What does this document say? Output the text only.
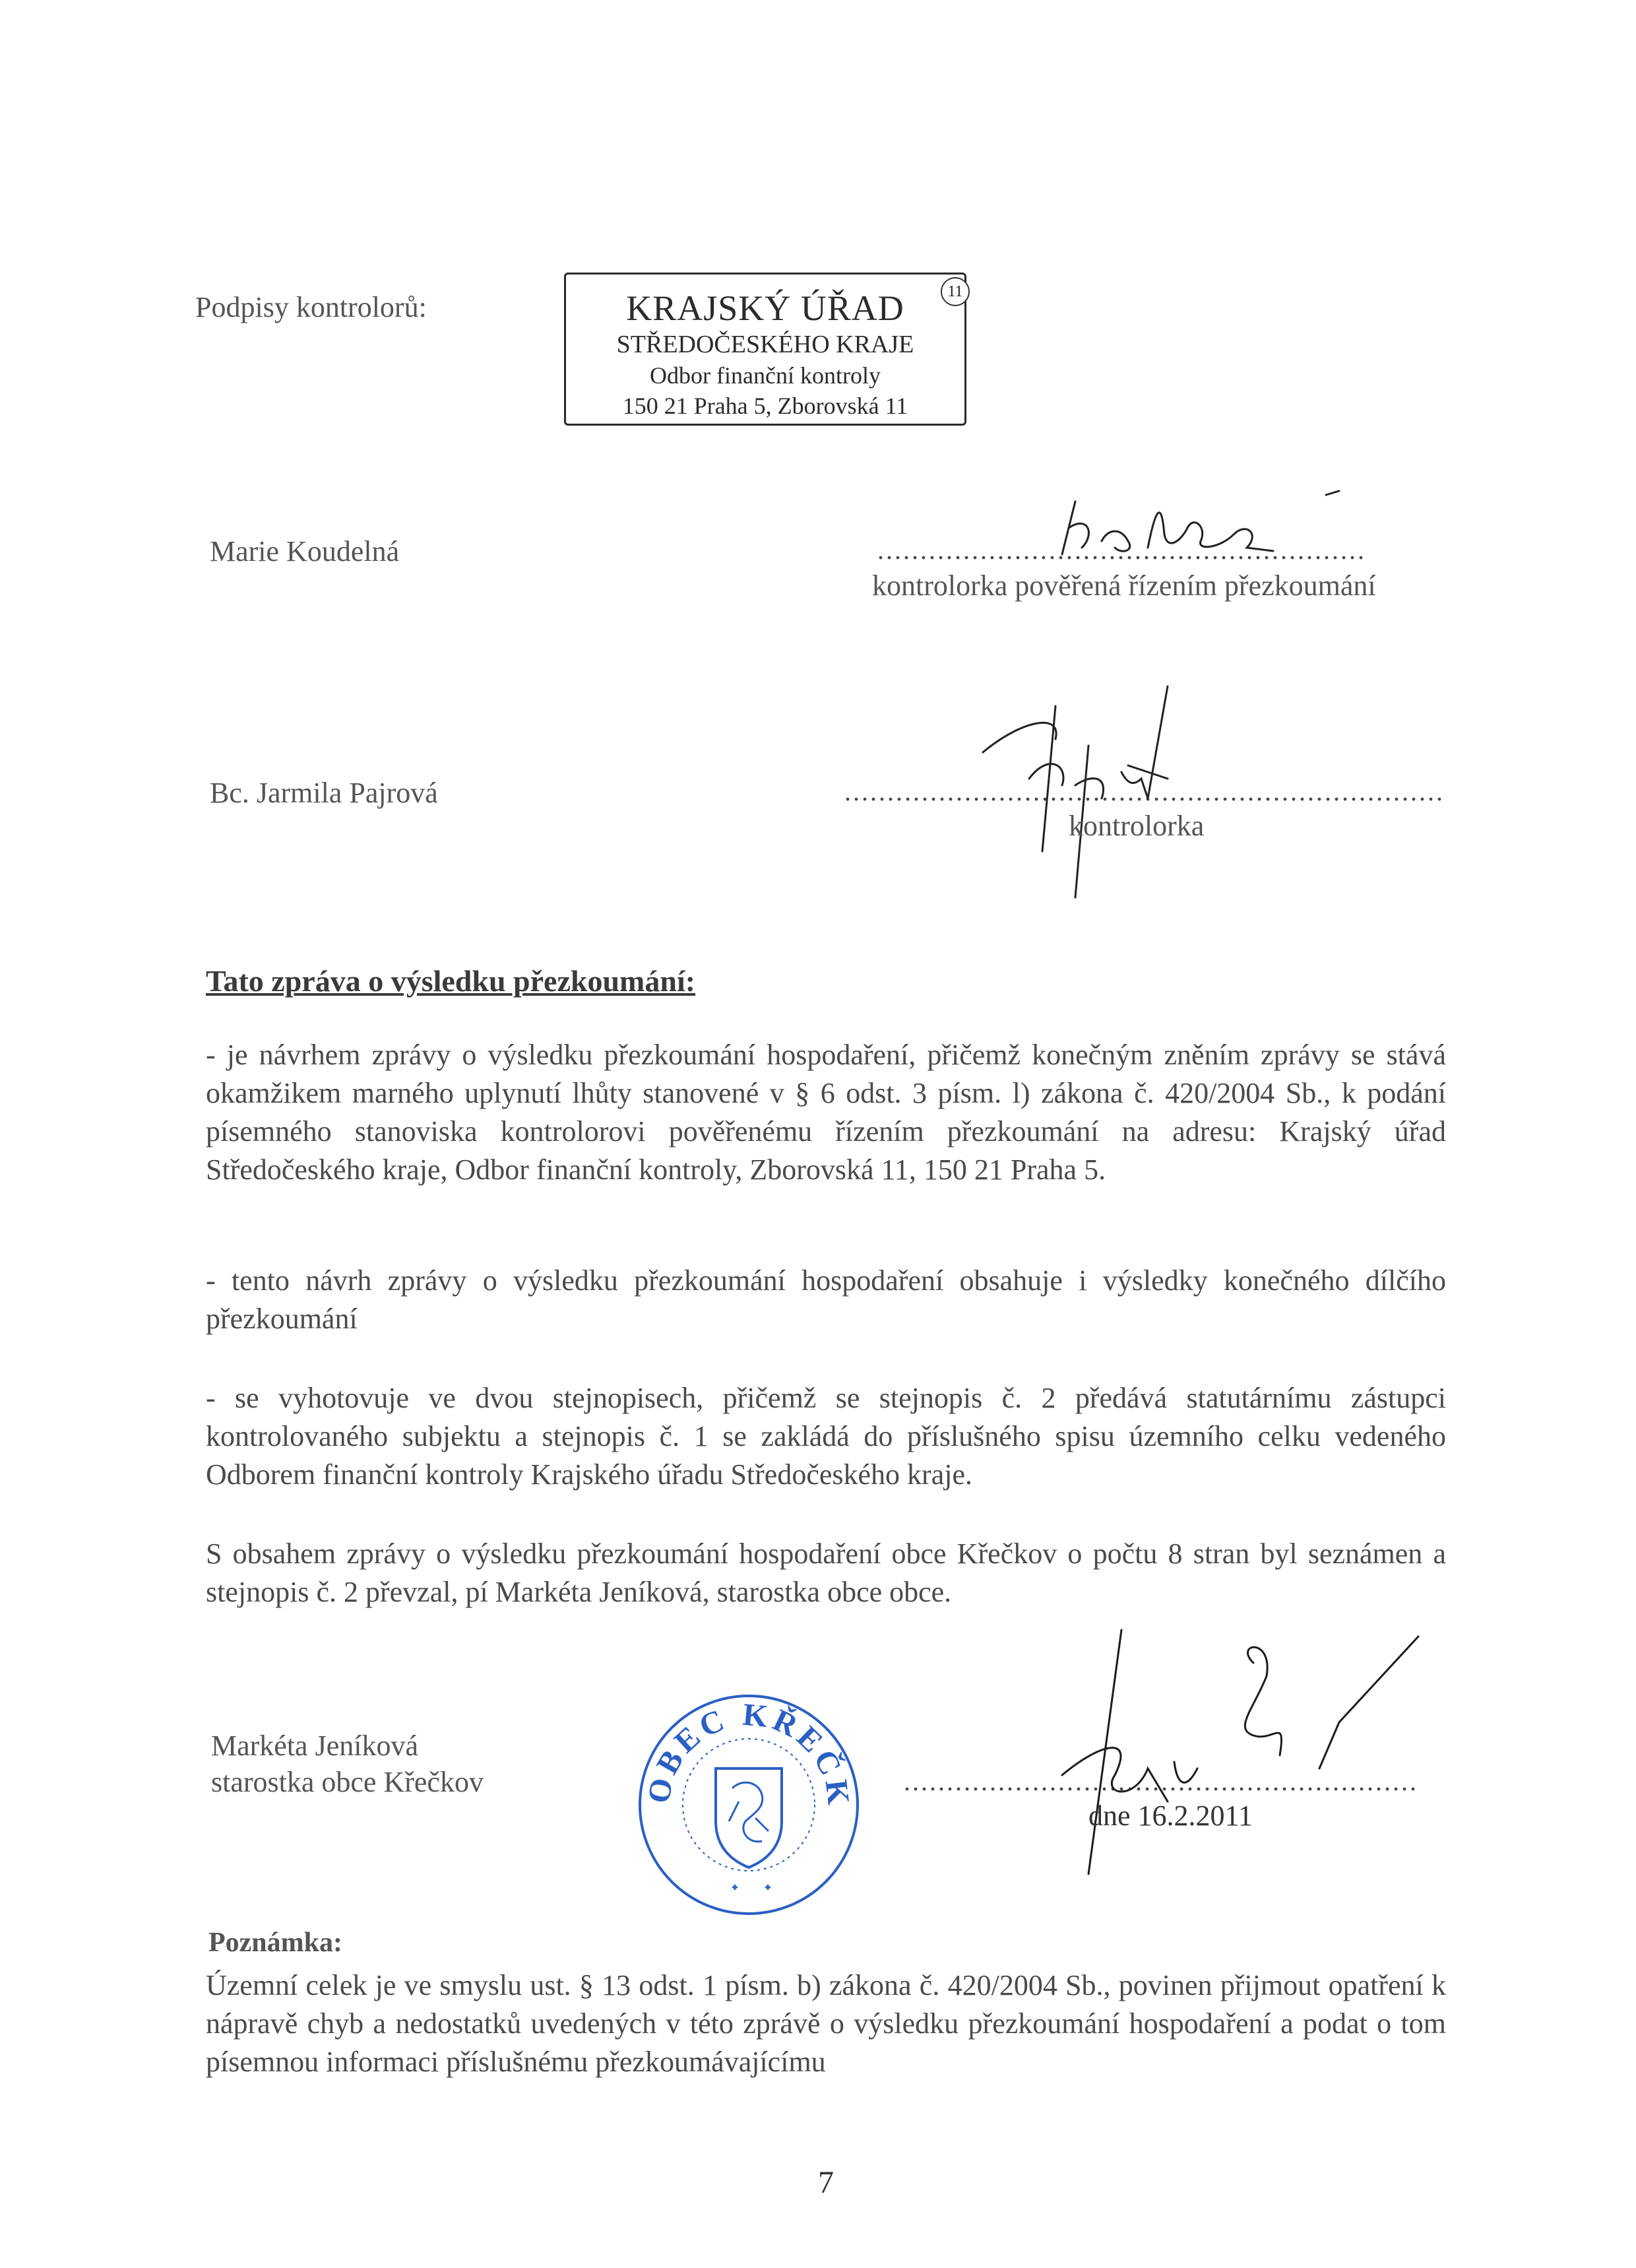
Podpisy kontrolorů:	KRAJSKÝ ÚŘAD
STŘEDOČESKÉHO KRAJE
Odbor finanční kontroly
150 21 Praha 5, Zborovská 11
11
Marie Koudelná	.........................................................
kontrolorka pověřená řízením přezkoumání
Bc. Jarmila Pajrová	......................................................................
kontrolorka
Tato zpráva o výsledku přezkoumání:
- je návrhem zprávy o výsledku přezkoumání hospodaření, přičemž konečným zněním zprávy se stává okamžikem marného uplynutí lhůty stanovené v § 6 odst. 3 písm. l) zákona č. 420/2004 Sb., k podání písemného stanoviska kontrolorovi pověřenému řízením přezkoumání na adresu: Krajský úřad Středočeského kraje, Odbor finanční kontroly, Zborovská 11, 150 21 Praha 5.
- tento návrh zprávy o výsledku přezkoumání hospodaření obsahuje i výsledky konečného dílčího přezkoumání
- se vyhotovuje ve dvou stejnopisech, přičemž se stejnopis č. 2 předává statutárnímu zástupci kontrolovaného subjektu a stejnopis č. 1 se zakládá do příslušného spisu územního celku vedeného Odborem finanční kontroly Krajského úřadu Středočeského kraje.
S obsahem zprávy o výsledku přezkoumání hospodaření obce Křečkov o počtu 8 stran byl seznámen a stejnopis č. 2 převzal, pí Markéta Jeníková, starostka obce obce.
Markéta Jeníková
starostka obce Křečkov	OBEC KŘEČKOV
............................................................
dne 16.2.2011
Poznámka:
Územní celek je ve smyslu ust. § 13 odst. 1 písm. b) zákona č. 420/2004 Sb., povinen přijmout opatření k nápravě chyb a nedostatků uvedených v této zprávě o výsledku přezkoumání hospodaření a podat o tom písemnou informaci příslušnému přezkoumávajícímu
7
